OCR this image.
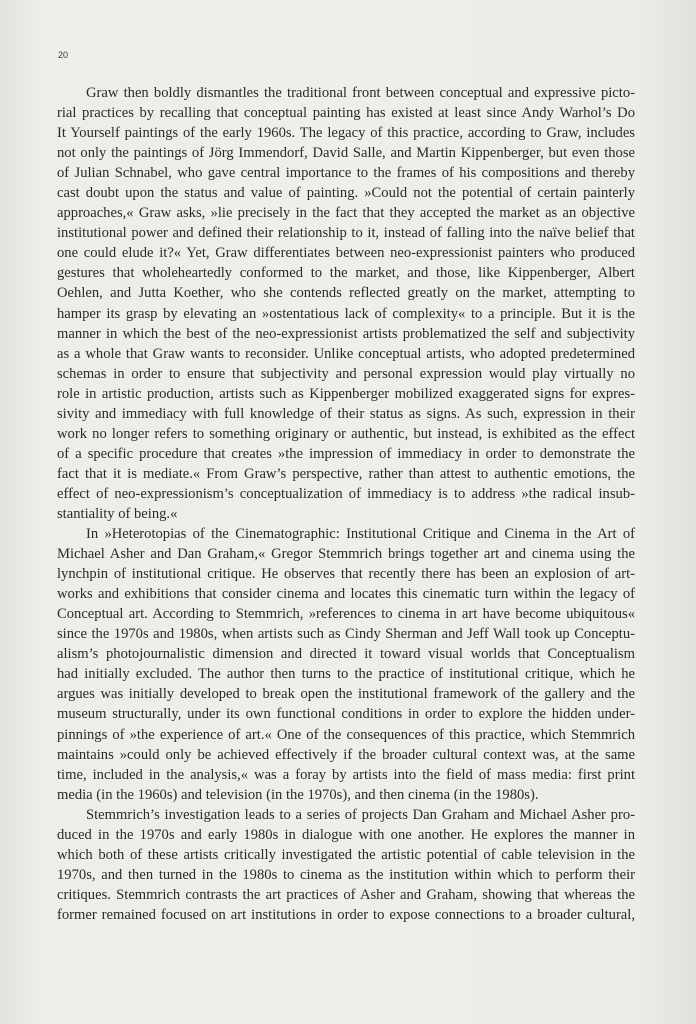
20
Graw then boldly dismantles the traditional front between conceptual and expressive picto-
rial practices by recalling that conceptual painting has existed at least since Andy Warhol’s Do
It Yourself paintings of the early 1960s. The legacy of this practice, according to Graw, includes
not only the paintings of Jörg Immendorf, David Salle, and Martin Kippenberger, but even those
of Julian Schnabel, who gave central importance to the frames of his compositions and thereby
cast doubt upon the status and value of painting. »Could not the potential of certain painterly
approaches,« Graw asks, »lie precisely in the fact that they accepted the market as an objective
institutional power and defined their relationship to it, instead of falling into the naïve belief that
one could elude it?« Yet, Graw differentiates between neo-expressionist painters who produced
gestures that wholeheartedly conformed to the market, and those, like Kippenberger, Albert
Oehlen, and Jutta Koether, who she contends reflected greatly on the market, attempting to
hamper its grasp by elevating an »ostentatious lack of complexity« to a principle. But it is the
manner in which the best of the neo-expressionist artists problematized the self and subjectivity
as a whole that Graw wants to reconsider. Unlike conceptual artists, who adopted predetermined
schemas in order to ensure that subjectivity and personal expression would play virtually no
role in artistic production, artists such as Kippenberger mobilized exaggerated signs for expres-
sivity and immediacy with full knowledge of their status as signs. As such, expression in their
work no longer refers to something originary or authentic, but instead, is exhibited as the effect
of a specific procedure that creates »the impression of immediacy in order to demonstrate the
fact that it is mediate.« From Graw’s perspective, rather than attest to authentic emotions, the
effect of neo-expressionism’s conceptualization of immediacy is to address »the radical insub-
stantiality of being.«
In »Heterotopias of the Cinematographic: Institutional Critique and Cinema in the Art of
Michael Asher and Dan Graham,« Gregor Stemmrich brings together art and cinema using the
lynchpin of institutional critique. He observes that recently there has been an explosion of art-
works and exhibitions that consider cinema and locates this cinematic turn within the legacy of
Conceptual art. According to Stemmrich, »references to cinema in art have become ubiquitous«
since the 1970s and 1980s, when artists such as Cindy Sherman and Jeff Wall took up Conceptu-
alism’s photojournalistic dimension and directed it toward visual worlds that Conceptualism
had initially excluded. The author then turns to the practice of institutional critique, which he
argues was initially developed to break open the institutional framework of the gallery and the
museum structurally, under its own functional conditions in order to explore the hidden under-
pinnings of »the experience of art.« One of the consequences of this practice, which Stemmrich
maintains »could only be achieved effectively if the broader cultural context was, at the same
time, included in the analysis,« was a foray by artists into the field of mass media: first print
media (in the 1960s) and television (in the 1970s), and then cinema (in the 1980s).
Stemmrich’s investigation leads to a series of projects Dan Graham and Michael Asher pro-
duced in the 1970s and early 1980s in dialogue with one another. He explores the manner in
which both of these artists critically investigated the artistic potential of cable television in the
1970s, and then turned in the 1980s to cinema as the institution within which to perform their
critiques. Stemmrich contrasts the art practices of Asher and Graham, showing that whereas the
former remained focused on art institutions in order to expose connections to a broader cultural,
